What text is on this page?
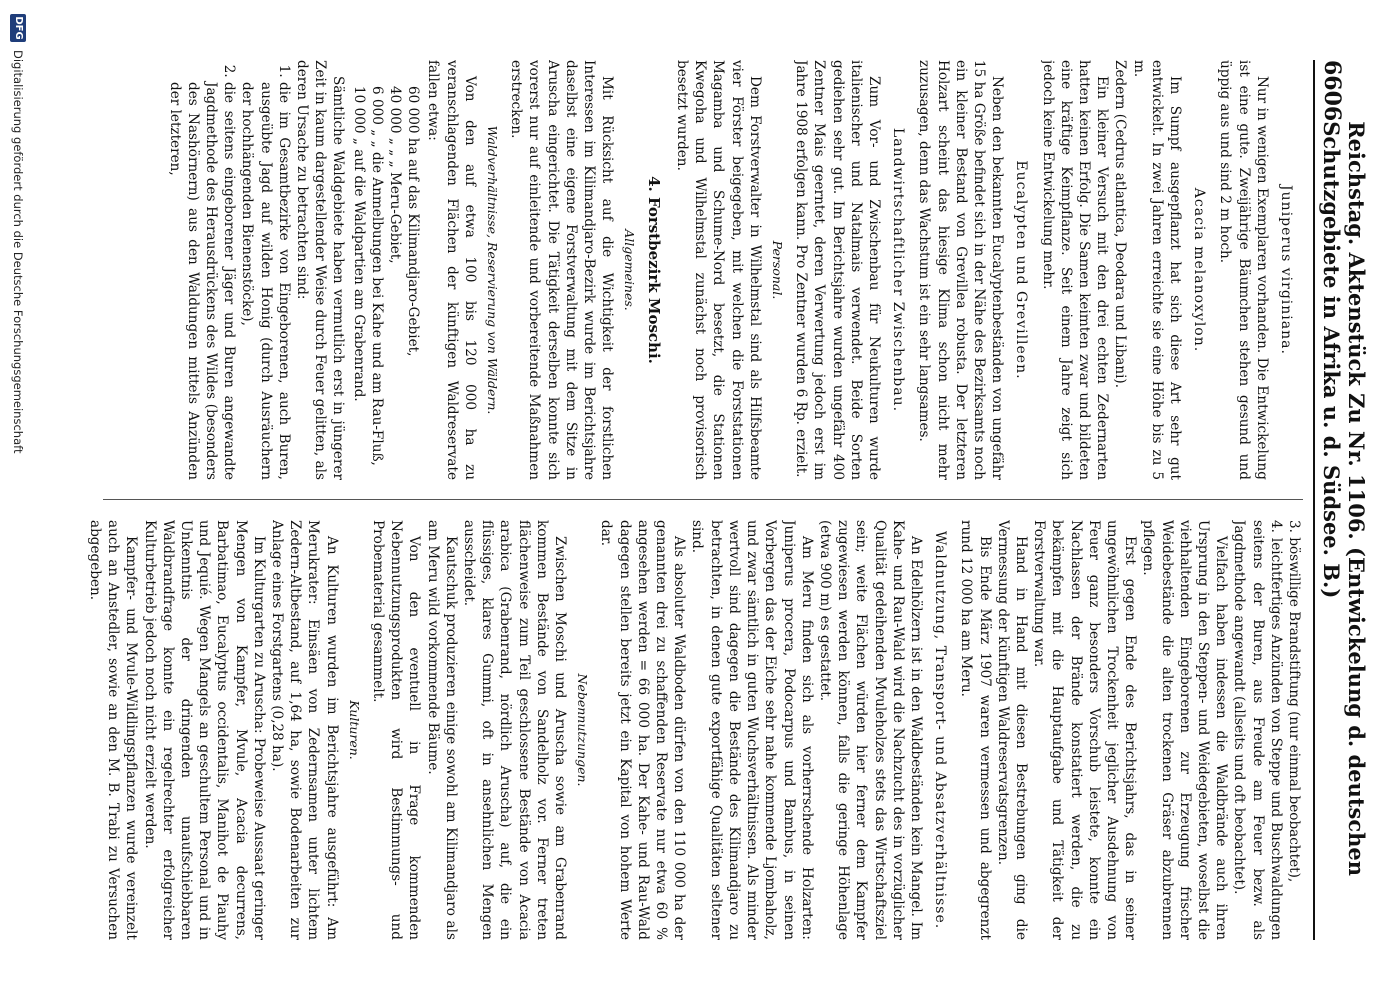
6606
Reichstag. Aktenstück Zu Nr. 1106. (Entwickelung d. deutschen Schutzgebiete in Afrika u. d. Südsee. B.)
Juniperus virginiana.

Nur in wenigen Exemplaren vorhanden. Die Entwickelung ist eine gute. Zweijährige Bäumchen stehen gesund und üppig aus und sind 2 m hoch.

Acacia melanoxylon.

Im Sumpf ausgepflanzt hat sich diese Art sehr gut entwickelt. In zwei Jahren erreichte sie eine Höhe bis zu 5 m.

Zedern (Cedrus atlantica, Deodara und Libani).

Ein kleiner Versuch mit den drei echten Zedernarten hatten keinen Erfolg. Die Samen keimten zwar und bildeten eine kräftige Keimpflanze. Seit einem Jahre zeigt sich jedoch keine Entwickelung mehr.

Eucalypten und Grevilleen.

Neben den bekannten Eucalyptenbeständen von ungefähr 15 ha Größe befindet sich in der Nähe des Bezirksamts noch ein kleiner Bestand von Grevillea robusta. Der letzteren Holzart scheint das hiesige Klima schon nicht mehr zuzusagen, denn das Wachstum ist ein sehr langsames.

Landwirtschaftlicher Zwischenbau.

Zum Vor- und Zwischenbau für Neukulturen wurde italienischer und Natalmais verwendet. Beide Sorten gediehen sehr gut. Im Berichtsjahre wurden ungefähr 400 Zentner Mais geerntet, deren Verwertung jedoch erst im Jahre 1908 erfolgen kann. Pro Zentner wurden 6 Rp. erzielt.

Personal.

Dem Forstverwalter in Wilhelmstal sind als Hilfsbeamte vier Förster beigegeben, mit welchen die Forststationen Magamba und Schume-Nord besetzt, die Stationen Kwegoha und Wilhelmstal zunächst noch provisorisch besetzt wurden.

4. Forstbezirk Moschi.
Allgemeines.

Mit Rücksicht auf die Wichtigkeit der forstlichen Interessen im Kilimandjaro-Bezirk wurde im Berichtsjahre daselbst eine eigene Forstverwaltung mit dem Sitze in Aruscha eingerichtet. Die Tätigkeit derselben konnte sich vorerst nur auf einleitende und vorbereitende Maßnahmen erstrecken.

Waldverhältnisse, Reservierung von Wäldern.

Von den auf etwa 100 bis 120 000 ha zu veranschlagenden Flächen der künftigen Waldreservate fallen etwa:

60 000 ha auf das Kilimandjaro-Gebiet,
40 000 „ „ „ Meru-Gebiet,
6 000 „ „ die Anmelbungen bei Kahe und am Rau-Fluß,
10 000 „ auf die Waldpartien am Grabenrand.

Sämtliche Waldgebiete haben vermutlich erst in jüngerer Zeit in kaum dargestellender Weise durch Feuer gelitten, als deren Ursache zu betrachten sind:

1. die im Gesamtbezirke von Eingeborenen, auch Buren, ausgeübte Jagd auf wilden Honig (durch Ausräuchern der hochhängenden Bienenstöcke),
2. die seitens eingeborener Jäger und Buren angewandte Jagdmethode des Herausdrückens des Wildes (besonders des Nashörnern) aus den Waldungen mittels Anzünden der letzteren,

3. böswillige Brandstiftung (nur einmal beobachtet),

4. leichtfertiges Anzünden von Steppe und Buschwaldungen seitens der Buren, aus Freude am Feuer bezw. als Jagdmethode angewandt (allseits und oft beobachtet).

Vielfach haben indessen die Waldbrände auch ihren Ursprung in den Steppen- und Weidegebieten, woselbst die viehhaltenden Eingeborenen zur Erzeugung frischer Weidebestände die alten trockenen Gräser abzubrennen pflegen.

Erst gegen Ende des Berichtsjahrs, das in seiner ungewöhnlichen Trockenheit jeglicher Ausdehnung von Feuer ganz besonders Vorschub leistete, konnte ein Nachlassen der Brände konstatiert werden, die zu bekämpfen mit die Hauptaufgabe und Tätigkeit der Forstverwaltung war.

Hand in Hand mit diesen Bestrebungen ging die Vermessung der künftigen Waldreservatsgrenzen.

Bis Ende März 1907 waren vermessen und abgegrenzt rund 12 000 ha am Meru.

Waldnutzung, Transport- und Absatzverhältnisse.

An Edelhölzern ist in den Waldbeständen kein Mangel. Im Kahe- und Rau-Wald wird die Nachzucht des in vorzüglicher Qualität gedeihenden Mvuleholzes stets das Wirtschaftsziel sein; weite Flächen würden hier ferner dem Kampfer zugewiesen werden können, falls die geringe Höhenlage (etwa 900 m) es gestattet.

Am Meru finden sich als vorherrschende Holzarten: Juniperus procera, Podocarpus und Bambus, in seinen Vorbergen das der Eiche sehr nahe kommende Ljombaholz, und zwar sämtlich in guten Wuchsverhältnissen. Als minder wertvoll sind dagegen die Bestände des Kilimandjaro zu betrachten, in denen gute exportfähige Qualitäten seltener sind.

Als absoluter Waldboden dürfen von den 110 000 ha der genannten drei zu schaffenden Reservate nur etwa 60 % angesehen werden = 66 000 ha. Der Kahe- und Rau-Wald dagegen stellen bereits jetzt ein Kapital von hohem Werte dar.

Nebennutzungen.

Zwischen Moschi und Aruscha sowie am Grabenrand kommen Bestände von Sandelholz vor. Ferner treten flächenweise zum Teil geschlossene Bestände von Acacia arabica (Grabenrand, nördlich Aruscha) auf, die ein flüssiges, klares Gummi, oft in ansehnlichen Mengen ausscheidet.

Kautschuk produzieren einige sowohl am Kilimandjaro als am Meru wild vorkommende Bäume.

Von den eventuell in Frage kommenden Nebennutzungsprodukten wird Bestimmungs- und Probematerial gesammelt.

Kulturen.

An Kulturen wurden im Berichtsjahre ausgeführt: Am Merukrater: Einsäen von Zedernsamen unter lichtem Zedern-Altbestand, auf 1,64 ha, sowie Bodenarbeiten zur Anlage eines Forstgartens (0,28 ha).

Im Kulturgarten zu Aruscha: Probeweise Aussaat geringer Mengen von Kampfer, Mvule, Acacia decurrens, Barbatimao, Eucalyptus occidentalis, Manihot de Piauhy und Jequié. Wegen Mangels an geschultem Personal und in Unkenntnis der dringenden unaufschiebbaren Waldbrandfrage konnte ein regelrechter erfolgreicher Kulturbetrieb jedoch noch nicht erzielt werden.

Kampfer- und Mvule-Wildlingspflanzen wurde vereinzelt auch an Anstedler, sowie an den M. B. Trabi zu Versuchen abgegeben.

DFG
Digitalisierung gefördert durch die Deutsche Forschungsgemeinschaft
